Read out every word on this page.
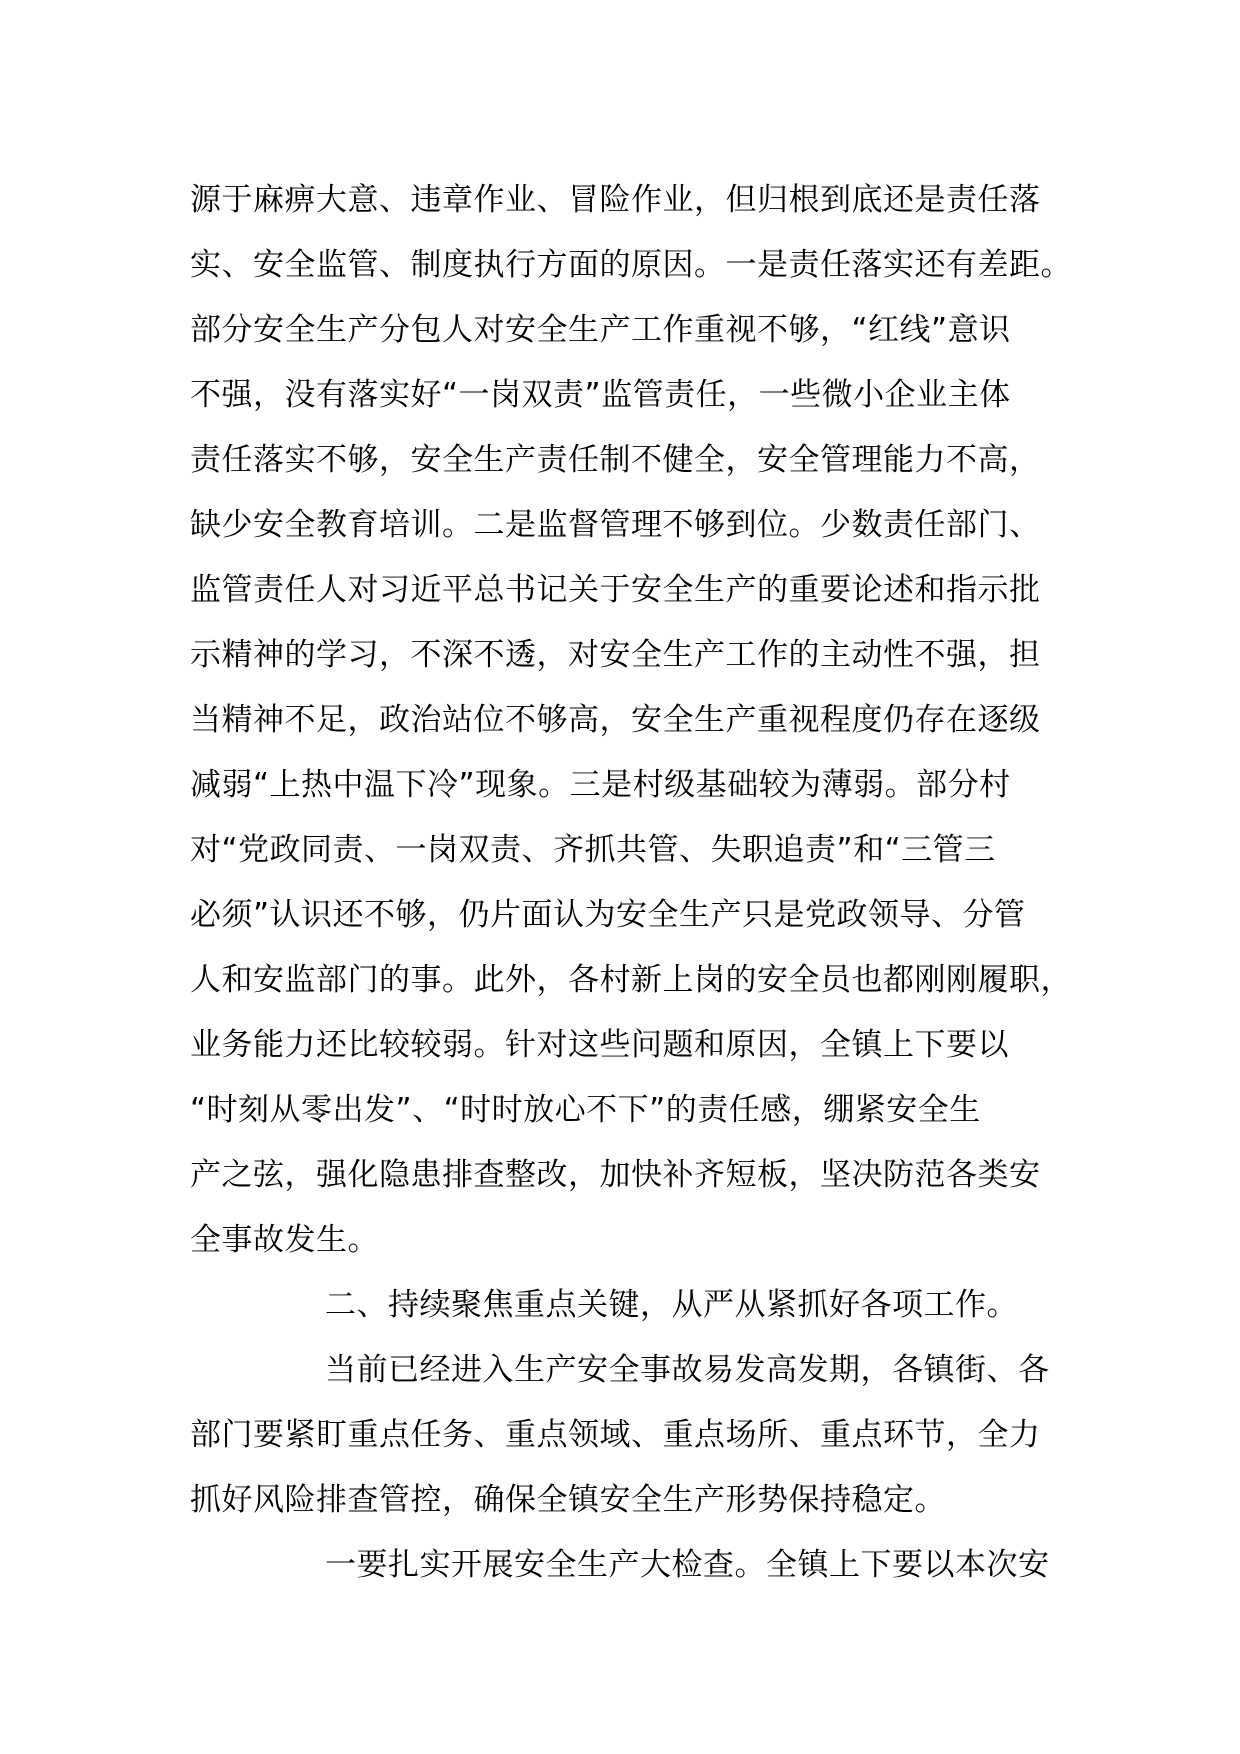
源于麻痹大意、违章作业、冒险作业，但归根到底还是责任落
实、安全监管、制度执行方面的原因。一是责任落实还有差距。
部分安全生产分包人对安全生产工作重视不够，“红线”意识
不强，没有落实好“一岗双责”监管责任，一些微小企业主体
责任落实不够，安全生产责任制不健全，安全管理能力不高，
缺少安全教育培训。二是监督管理不够到位。少数责任部门、
监管责任人对习近平总书记关于安全生产的重要论述和指示批
示精神的学习，不深不透，对安全生产工作的主动性不强，担
当精神不足，政治站位不够高，安全生产重视程度仍存在逐级
减弱“上热中温下冷”现象。三是村级基础较为薄弱。部分村
对“党政同责、一岗双责、齐抓共管、失职追责”和“三管三
必须”认识还不够，仍片面认为安全生产只是党政领导、分管
人和安监部门的事。此外，各村新上岗的安全员也都刚刚履职，
业务能力还比较较弱。针对这些问题和原因，全镇上下要以
“时刻从零出发”、“时时放心不下”的责任感，绷紧安全生
产之弦，强化隐患排查整改，加快补齐短板，坚决防范各类安
全事故发生。
二、持续聚焦重点关键，从严从紧抓好各项工作。
当前已经进入生产安全事故易发高发期，各镇街、各
部门要紧盯重点任务、重点领域、重点场所、重点环节，全力
抓好风险排查管控，确保全镇安全生产形势保持稳定。
一要扎实开展安全生产大检查。全镇上下要以本次安
